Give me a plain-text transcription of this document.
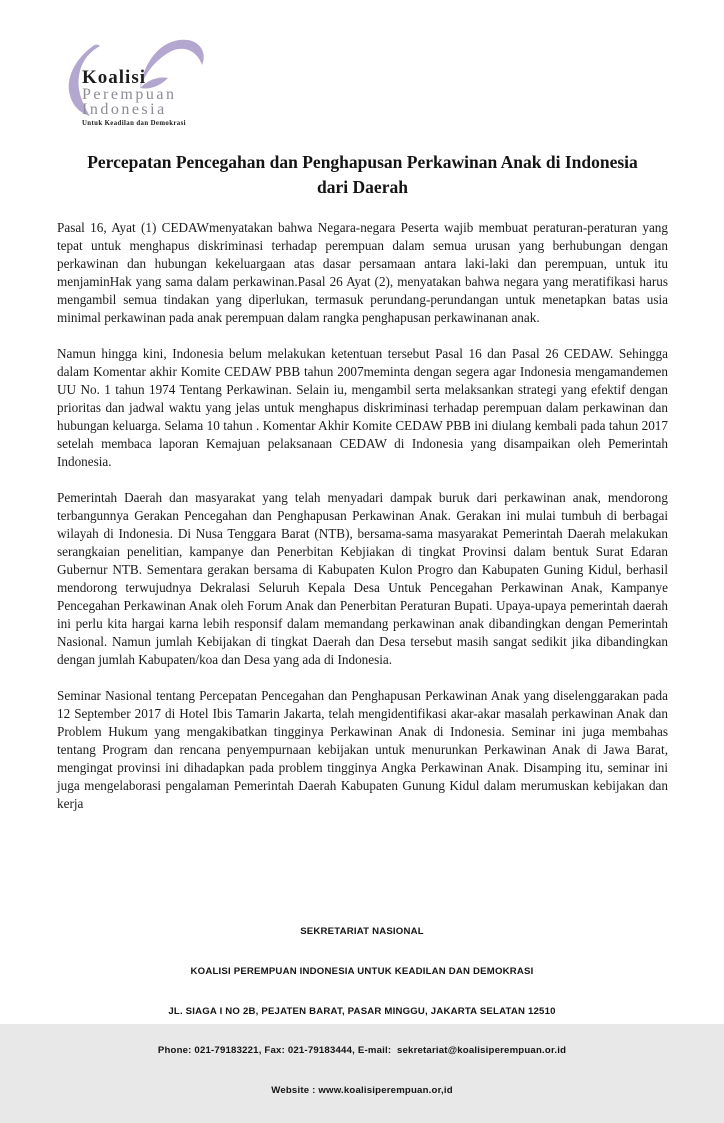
Koalisi
Perempuan
Indonesia
Untuk Keadilan dan Demokrasi
Percepatan Pencegahan dan Penghapusan Perkawinan Anak di Indonesia
dari Daerah

Pasal 16, Ayat (1) CEDAWmenyatakan bahwa Negara-negara Peserta wajib membuat peraturan-peraturan yang tepat untuk menghapus diskriminasi terhadap perempuan dalam semua urusan yang berhubungan dengan perkawinan dan hubungan kekeluargaan atas dasar persamaan antara laki-laki dan perempuan, untuk itu menjaminHak yang sama dalam perkawinan.Pasal 26 Ayat (2), menyatakan bahwa negara yang meratifikasi harus mengambil semua tindakan yang diperlukan, termasuk perundang-perundangan untuk menetapkan batas usia minimal perkawinan pada anak perempuan dalam rangka penghapusan perkawinanan anak.

Namun hingga kini, Indonesia belum melakukan ketentuan tersebut Pasal 16 dan Pasal 26 CEDAW. Sehingga dalam Komentar akhir Komite CEDAW PBB tahun 2007meminta dengan segera agar Indonesia mengamandemen UU No. 1 tahun 1974 Tentang Perkawinan. Selain iu, mengambil serta melaksankan strategi yang efektif dengan prioritas dan jadwal waktu yang jelas untuk menghapus diskriminasi terhadap perempuan dalam perkawinan dan hubungan keluarga. Selama 10 tahun . Komentar Akhir Komite CEDAW PBB ini diulang kembali pada tahun 2017 setelah membaca laporan Kemajuan pelaksanaan CEDAW di Indonesia yang disampaikan oleh Pemerintah Indonesia.

Pemerintah Daerah dan masyarakat yang telah menyadari dampak buruk dari perkawinan anak, mendorong terbangunnya Gerakan Pencegahan dan Penghapusan Perkawinan Anak. Gerakan ini mulai tumbuh di berbagai wilayah di Indonesia. Di Nusa Tenggara Barat (NTB), bersama-sama masyarakat Pemerintah Daerah melakukan serangkaian penelitian, kampanye dan Penerbitan Kebjiakan di tingkat Provinsi dalam bentuk Surat Edaran Gubernur NTB. Sementara gerakan bersama di Kabupaten Kulon Progro dan Kabupaten Guning Kidul, berhasil mendorong terwujudnya Dekralasi Seluruh Kepala Desa Untuk Pencegahan Perkawinan Anak, Kampanye Pencegahan Perkawinan Anak oleh Forum Anak dan Penerbitan Peraturan Bupati. Upaya-upaya pemerintah daerah ini perlu kita hargai karna lebih responsif dalam memandang perkawinan anak dibandingkan dengan Pemerintah Nasional. Namun jumlah Kebijakan di tingkat Daerah dan Desa tersebut masih sangat sedikit jika dibandingkan dengan jumlah Kabupaten/koa dan Desa yang ada di Indonesia.

Seminar Nasional tentang Percepatan Pencegahan dan Penghapusan Perkawinan Anak yang diselenggarakan pada 12 September 2017 di Hotel Ibis Tamarin Jakarta, telah mengidentifikasi akar-akar masalah perkawinan Anak dan Problem Hukum yang mengakibatkan tingginya Perkawinan Anak di Indonesia. Seminar ini juga membahas tentang Program dan rencana penyempurnaan kebijakan untuk menurunkan Perkawinan Anak di Jawa Barat, mengingat provinsi ini dihadapkan pada problem tingginya Angka Perkawinan Anak. Disamping itu, seminar ini juga mengelaborasi pengalaman Pemerintah Daerah Kabupaten Gunung Kidul dalam merumuskan kebijakan dan kerja

SEKRETARIAT NASIONAL

KOALISI PEREMPUAN INDONESIA UNTUK KEADILAN DAN DEMOKRASI

JL. SIAGA I NO 2B, PEJATEN BARAT, PASAR MINGGU, JAKARTA SELATAN 12510

Phone: 021-79183221, Fax: 021-79183444, E-mail:  sekretariat@koalisiperempuan.or.id

Website : www.koalisiperempuan.or,id
